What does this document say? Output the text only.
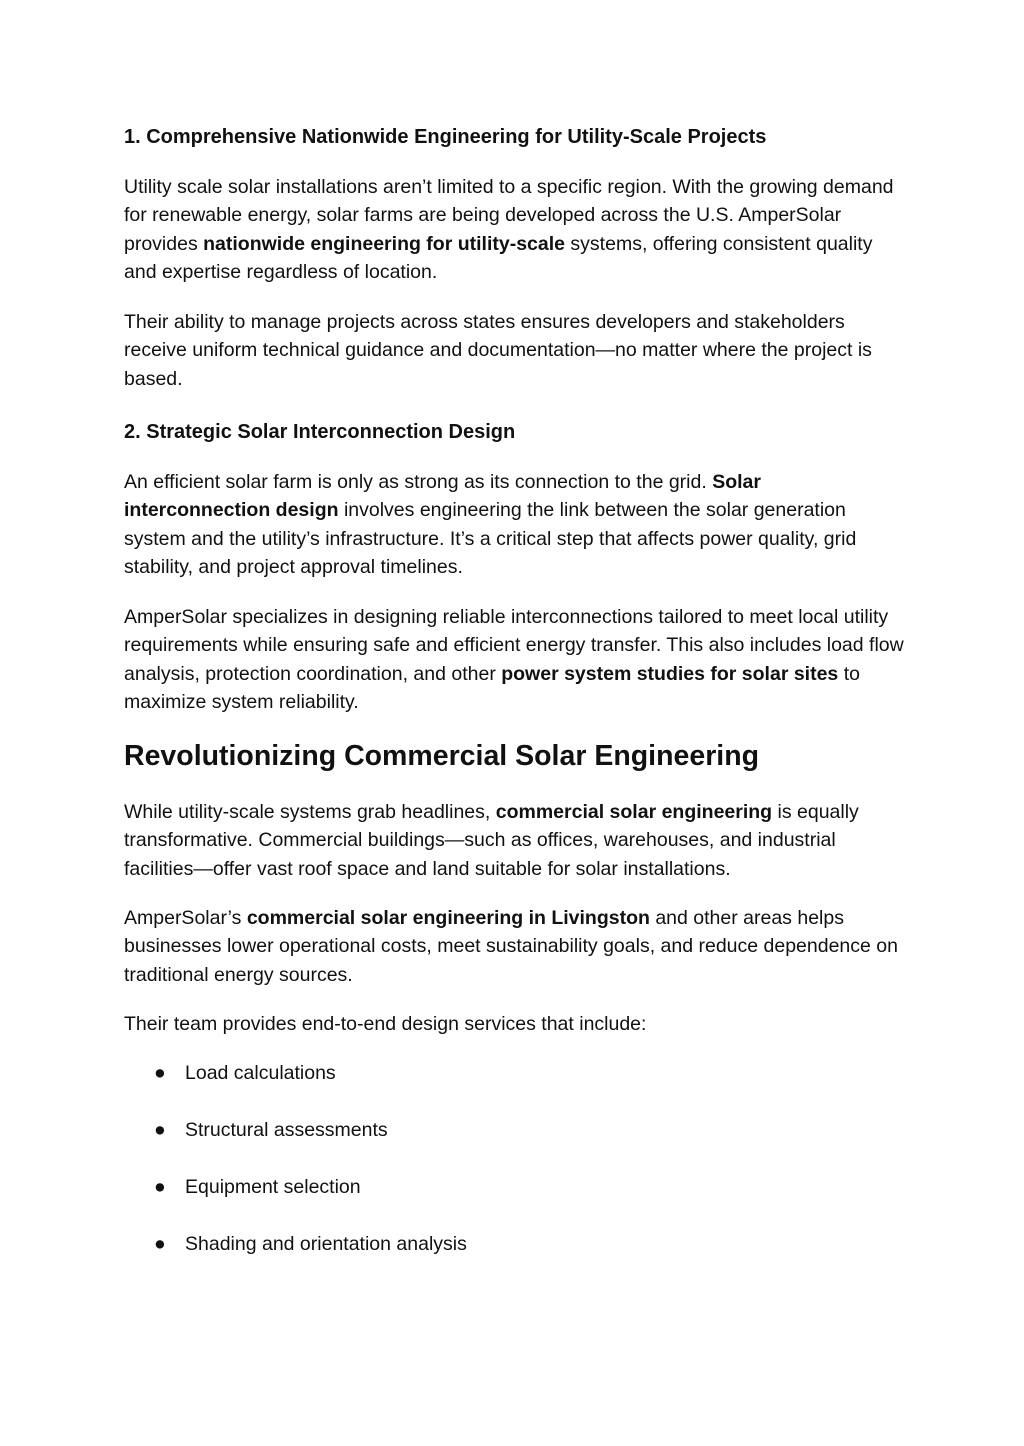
1. Comprehensive Nationwide Engineering for Utility-Scale Projects

Utility scale solar installations aren’t limited to a specific region. With the growing demand for renewable energy, solar farms are being developed across the U.S. AmperSolar provides nationwide engineering for utility-scale systems, offering consistent quality and expertise regardless of location.

Their ability to manage projects across states ensures developers and stakeholders receive uniform technical guidance and documentation—no matter where the project is based.

2. Strategic Solar Interconnection Design

An efficient solar farm is only as strong as its connection to the grid. Solar interconnection design involves engineering the link between the solar generation system and the utility’s infrastructure. It’s a critical step that affects power quality, grid stability, and project approval timelines.

AmperSolar specializes in designing reliable interconnections tailored to meet local utility requirements while ensuring safe and efficient energy transfer. This also includes load flow analysis, protection coordination, and other power system studies for solar sites to maximize system reliability.

Revolutionizing Commercial Solar Engineering

While utility-scale systems grab headlines, commercial solar engineering is equally transformative. Commercial buildings—such as offices, warehouses, and industrial facilities—offer vast roof space and land suitable for solar installations.

AmperSolar’s commercial solar engineering in Livingston and other areas helps businesses lower operational costs, meet sustainability goals, and reduce dependence on traditional energy sources.

Their team provides end-to-end design services that include:

● Load calculations
● Structural assessments
● Equipment selection
● Shading and orientation analysis
